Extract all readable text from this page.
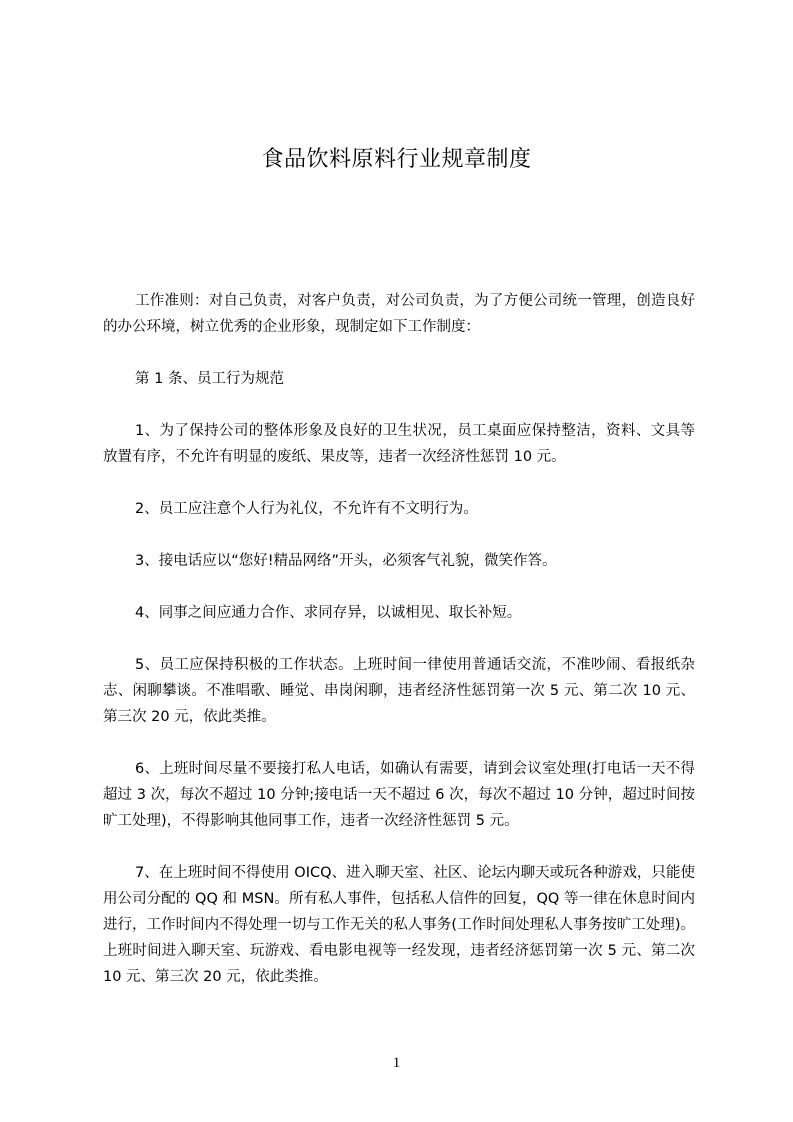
食品饮料原料行业规章制度

工作准则：对自己负责，对客户负责，对公司负责，为了方便公司统一管理，创造良好的办公环境，树立优秀的企业形象，现制定如下工作制度：

第 1 条、员工行为规范

1、为了保持公司的整体形象及良好的卫生状况，员工桌面应保持整洁，资料、文具等放置有序，不允许有明显的废纸、果皮等，违者一次经济性惩罚 10 元。

2、员工应注意个人行为礼仪，不允许有不文明行为。

3、接电话应以“您好!精品网络”开头，必须客气礼貌，微笑作答。

4、同事之间应通力合作、求同存异，以诚相见、取长补短。

5、员工应保持积极的工作状态。上班时间一律使用普通话交流，不准吵闹、看报纸杂志、闲聊攀谈。不准唱歌、睡觉、串岗闲聊，违者经济性惩罚第一次 5 元、第二次 10 元、第三次 20 元，依此类推。

6、上班时间尽量不要接打私人电话，如确认有需要，请到会议室处理(打电话一天不得超过 3 次，每次不超过 10 分钟;接电话一天不超过 6 次，每次不超过 10 分钟，超过时间按旷工处理)，不得影响其他同事工作，违者一次经济性惩罚 5 元。

7、在上班时间不得使用 OICQ、进入聊天室、社区、论坛内聊天或玩各种游戏，只能使用公司分配的 QQ 和 MSN。所有私人事件，包括私人信件的回复，QQ 等一律在休息时间内进行，工作时间内不得处理一切与工作无关的私人事务(工作时间处理私人事务按旷工处理)。上班时间进入聊天室、玩游戏、看电影电视等一经发现，违者经济惩罚第一次 5 元、第二次 10 元、第三次 20 元，依此类推。

1
